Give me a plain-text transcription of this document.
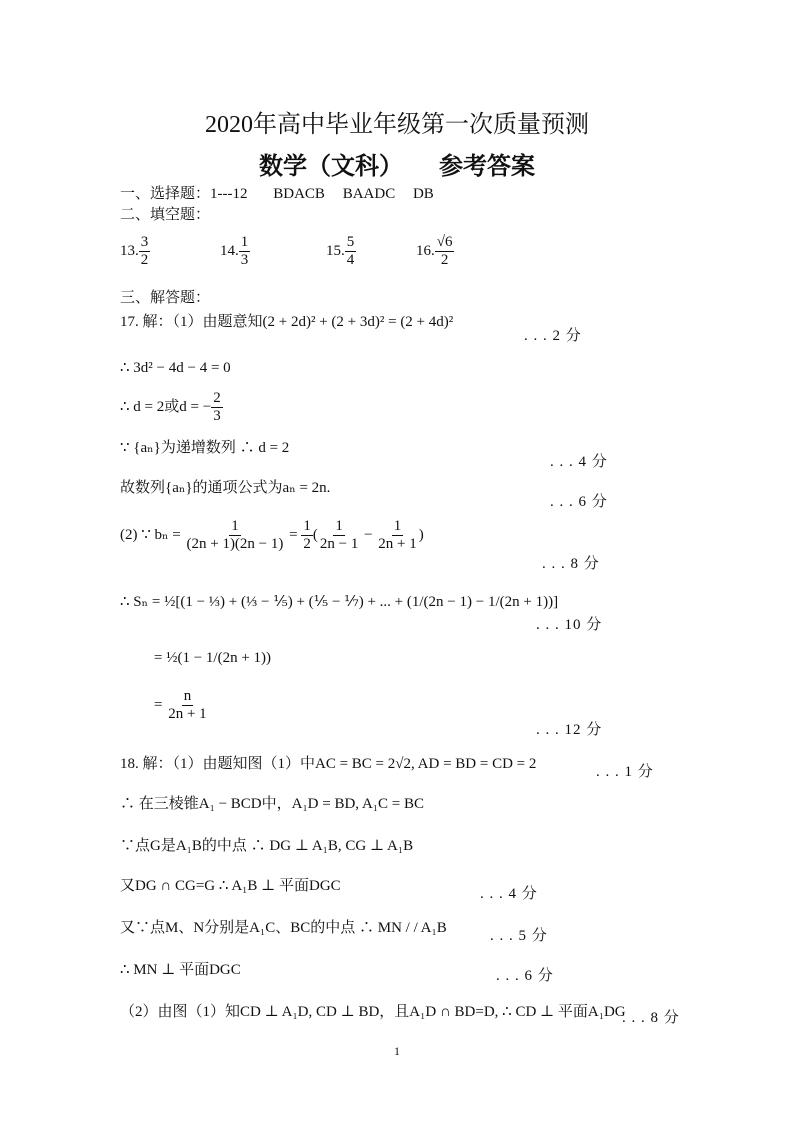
2020年高中毕业年级第一次质量预测
数学（文科）　　参考答案
一、选择题：1---12 BDACB BAADC DB
二、填空题：
13. $\frac{3}{2}$	14. $\frac{1}{3}$	15. $\frac{5}{4}$	16. $\frac{√6}{2}$
三、解答题：
17. 解：（1）由题意知(2 + 2d)² + (2 + 3d)² = (2 + 4d)²
. . . 2 分
∴ 3d² − 4d − 4 = 0
∴ d = 2或d = − $\frac{2}{3}$
∵ {aₙ}为递增数列 ∴ d = 2
. . . 4 分
故数列{aₙ}的通项公式为aₙ = 2n.
. . . 6 分
(2) ∵ $b_n = \frac{1}{(2n + 1)(2n - 1)} = \frac{1}{2}$ ( $\frac{1}{2n - 1} - \frac{1}{2n + 1}$ )
. . . 8 分
∴ Sₙ = ½[(1 − ⅓) + (⅓ − ⅕) + (⅕ − ⅐) + ... + (1/(2n − 1) − 1/(2n + 1))]
. . . 10 分
= ½(1 − 1/(2n + 1))
= $\frac{n}{2n + 1}$
. . . 12 分
18. 解：（1）由题知图（1）中AC = BC = 2√2, AD = BD = CD = 2	. . . 1 分
∴ 在三棱锥A₁ − BCD中，A₁D = BD, A₁C = BC
∵点G是A₁B的中点 ∴ DG ⊥ A₁B, CG ⊥ A₁B
又DG ∩ CG=G ∴ A₁B ⊥ 平面DGC	. . . 4 分
又∵点M、N分别是A₁C、BC的中点 ∴ MN / / A₁B	. . . 5 分
∴ MN ⊥ 平面DGC	. . . 6 分
（2）由图（1）知CD ⊥ A₁D, CD ⊥ BD，且A₁D ∩ BD=D, ∴ CD ⊥ 平面A₁DG
. . . 8 分
1
